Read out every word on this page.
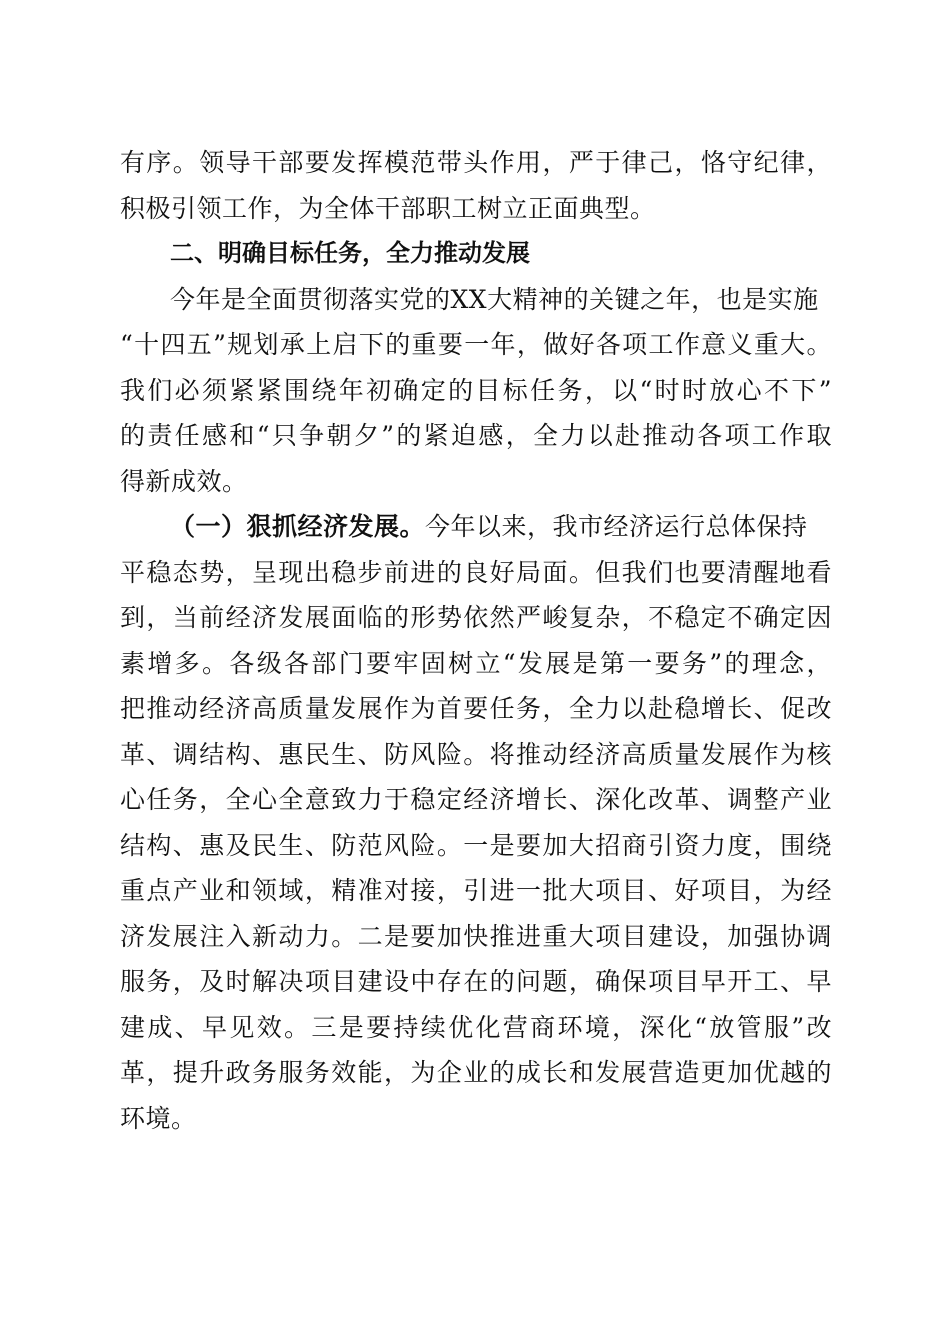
有序。领导干部要发挥模范带头作用，严于律己，恪守纪律，
积极引领工作，为全体干部职工树立正面典型。
二、明确目标任务，全力推动发展
今年是全面贯彻落实党的XX大精神的关键之年，也是实施
“十四五”规划承上启下的重要一年，做好各项工作意义重大。
我们必须紧紧围绕年初确定的目标任务，以“时时放心不下”
的责任感和“只争朝夕”的紧迫感，全力以赴推动各项工作取
得新成效。
（一）狠抓经济发展。今年以来，我市经济运行总体保持
平稳态势，呈现出稳步前进的良好局面。但我们也要清醒地看
到，当前经济发展面临的形势依然严峻复杂，不稳定不确定因
素增多。各级各部门要牢固树立“发展是第一要务”的理念，
把推动经济高质量发展作为首要任务，全力以赴稳增长、促改
革、调结构、惠民生、防风险。将推动经济高质量发展作为核
心任务，全心全意致力于稳定经济增长、深化改革、调整产业
结构、惠及民生、防范风险。一是要加大招商引资力度，围绕
重点产业和领域，精准对接，引进一批大项目、好项目，为经
济发展注入新动力。二是要加快推进重大项目建设，加强协调
服务，及时解决项目建设中存在的问题，确保项目早开工、早
建成、早见效。三是要持续优化营商环境，深化“放管服”改
革，提升政务服务效能，为企业的成长和发展营造更加优越的
环境。
